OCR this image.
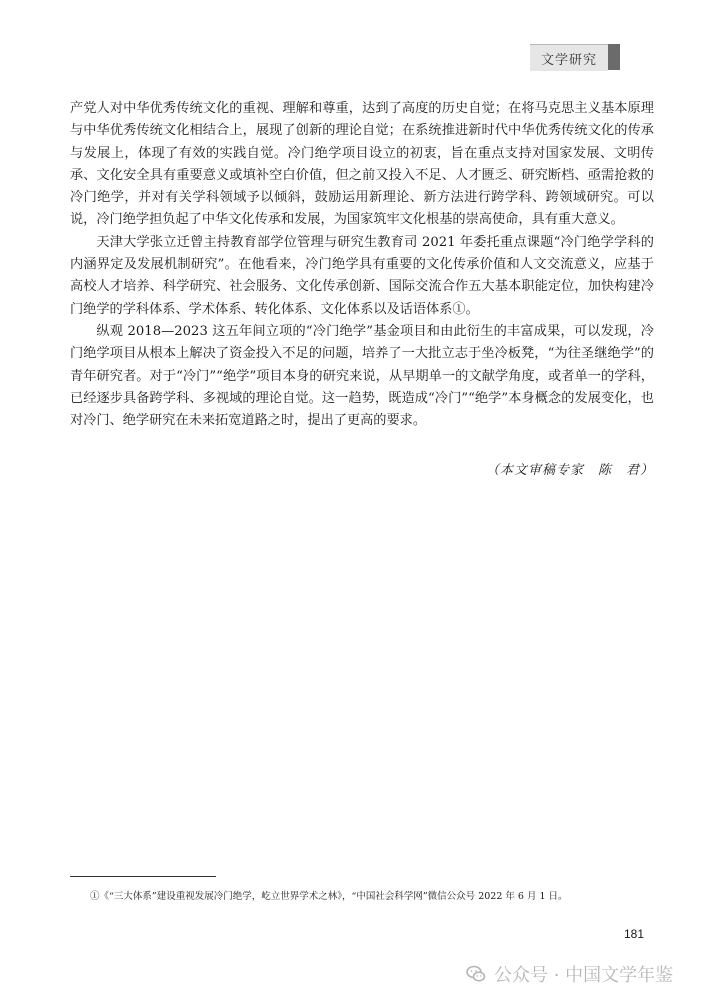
文学研究

产党人对中华优秀传统文化的重视、理解和尊重，达到了高度的历史自觉；在将马克思主义基本原理与中华优秀传统文化相结合上，展现了创新的理论自觉；在系统推进新时代中华优秀传统文化的传承与发展上，体现了有效的实践自觉。冷门绝学项目设立的初衷，旨在重点支持对国家发展、文明传承、文化安全具有重要意义或填补空白价值，但之前又投入不足、人才匮乏、研究断档、亟需抢救的冷门绝学，并对有关学科领域予以倾斜，鼓励运用新理论、新方法进行跨学科、跨领域研究。可以说，冷门绝学担负起了中华文化传承和发展，为国家筑牢文化根基的崇高使命，具有重大意义。

天津大学张立迁曾主持教育部学位管理与研究生教育司 2021 年委托重点课题“冷门绝学学科的内涵界定及发展机制研究”。在他看来，冷门绝学具有重要的文化传承价值和人文交流意义，应基于高校人才培养、科学研究、社会服务、文化传承创新、国际交流合作五大基本职能定位，加快构建冷门绝学的学科体系、学术体系、转化体系、文化体系以及话语体系①。

纵观 2018—2023 这五年间立项的“冷门绝学”基金项目和由此衍生的丰富成果，可以发现，冷门绝学项目从根本上解决了资金投入不足的问题，培养了一大批立志于坐冷板凳，“为往圣继绝学”的青年研究者。对于“冷门”“绝学”项目本身的研究来说，从早期单一的文献学角度，或者单一的学科，已经逐步具备跨学科、多视域的理论自觉。这一趋势，既造成“冷门”“绝学”本身概念的发展变化，也对冷门、绝学研究在未来拓宽道路之时，提出了更高的要求。

（本文审稿专家　陈　君）
①《“三大体系”建设重视发展冷门绝学，屹立世界学术之林》，“中国社会科学网”微信公众号 2022 年 6 月 1 日。
181
公众号 · 中国文学年鉴
